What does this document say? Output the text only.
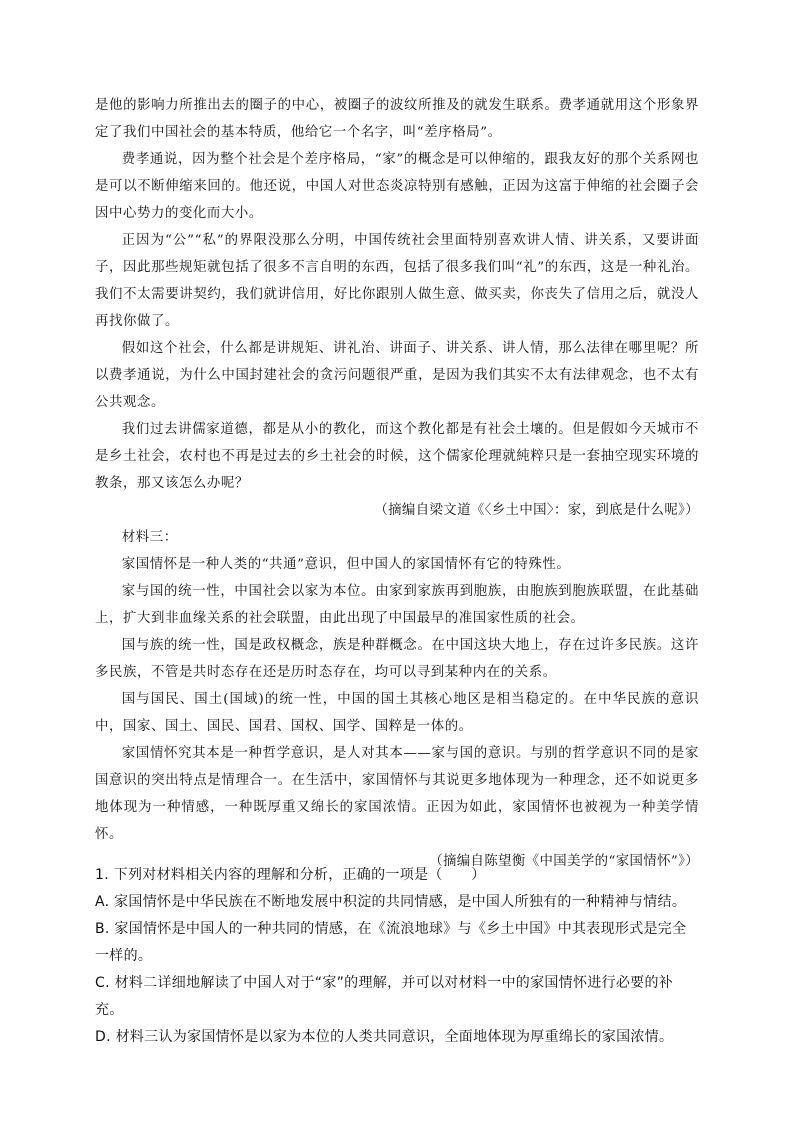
是他的影响力所推出去的圈子的中心，被圈子的波纹所推及的就发生联系。费孝通就用这个形象界定了我们中国社会的基本特质，他给它一个名字，叫“差序格局”。

费孝通说，因为整个社会是个差序格局，“家”的概念是可以伸缩的，跟我友好的那个关系网也是可以不断伸缩来回的。他还说，中国人对世态炎凉特别有感触，正因为这富于伸缩的社会圈子会因中心势力的变化而大小。

正因为“公”“私”的界限没那么分明，中国传统社会里面特别喜欢讲人情、讲关系，又要讲面子，因此那些规矩就包括了很多不言自明的东西，包括了很多我们叫“礼”的东西，这是一种礼治。我们不太需要讲契约，我们就讲信用，好比你跟别人做生意、做买卖，你丧失了信用之后，就没人再找你做了。

假如这个社会，什么都是讲规矩、讲礼治、讲面子、讲关系、讲人情，那么法律在哪里呢？所以费孝通说，为什么中国封建社会的贪污问题很严重，是因为我们其实不太有法律观念，也不太有公共观念。

我们过去讲儒家道德，都是从小的教化，而这个教化都是有社会土壤的。但是假如今天城市不是乡土社会，农村也不再是过去的乡土社会的时候，这个儒家伦理就純粹只是一套抽空现实环境的教条，那又该怎么办呢？

（摘编自梁文道《〈乡土中国〉：家，到底是什么呢》）

材料三：

家国情怀是一种人类的“共通”意识，但中国人的家国情怀有它的特殊性。

家与国的统一性，中国社会以家为本位。由家到家族再到胞族，由胞族到胞族联盟，在此基础上，扩大到非血缘关系的社会联盟，由此出现了中国最早的准国家性质的社会。

国与族的统一性，国是政权概念，族是种群概念。在中国这块大地上，存在过许多民族。这许多民族，不管是共时态存在还是历时态存在，均可以寻到某种内在的关系。

国与国民、国土(国域)的统一性，中国的国土其核心地区是相当稳定的。在中华民族的意识中，国家、国土、国民、国君、国权、国学、国粹是一体的。

家国情怀究其本是一种哲学意识，是人对其本——家与国的意识。与别的哲学意识不同的是家国意识的突出特点是情理合一。在生活中，家国情怀与其说更多地体现为一种理念，还不如说更多地体现为一种情感，一种既厚重又绵长的家国浓情。正因为如此，家国情怀也被视为一种美学情怀。

（摘编自陈望衡《中国美学的“家国情怀”》）

1. 下列对材料相关内容的理解和分析，正确的一项是（　　）

A. 家国情怀是中华民族在不断地发展中积淀的共同情感，是中国人所独有的一种精神与情结。

B. 家国情怀是中国人的一种共同的情感，在《流浪地球》与《乡土中国》中其表现形式是完全一样的。

C. 材料二详细地解读了中国人对于“家”的理解，并可以对材料一中的家国情怀进行必要的补充。

D. 材料三认为家国情怀是以家为本位的人类共同意识，全面地体现为厚重绵长的家国浓情。
